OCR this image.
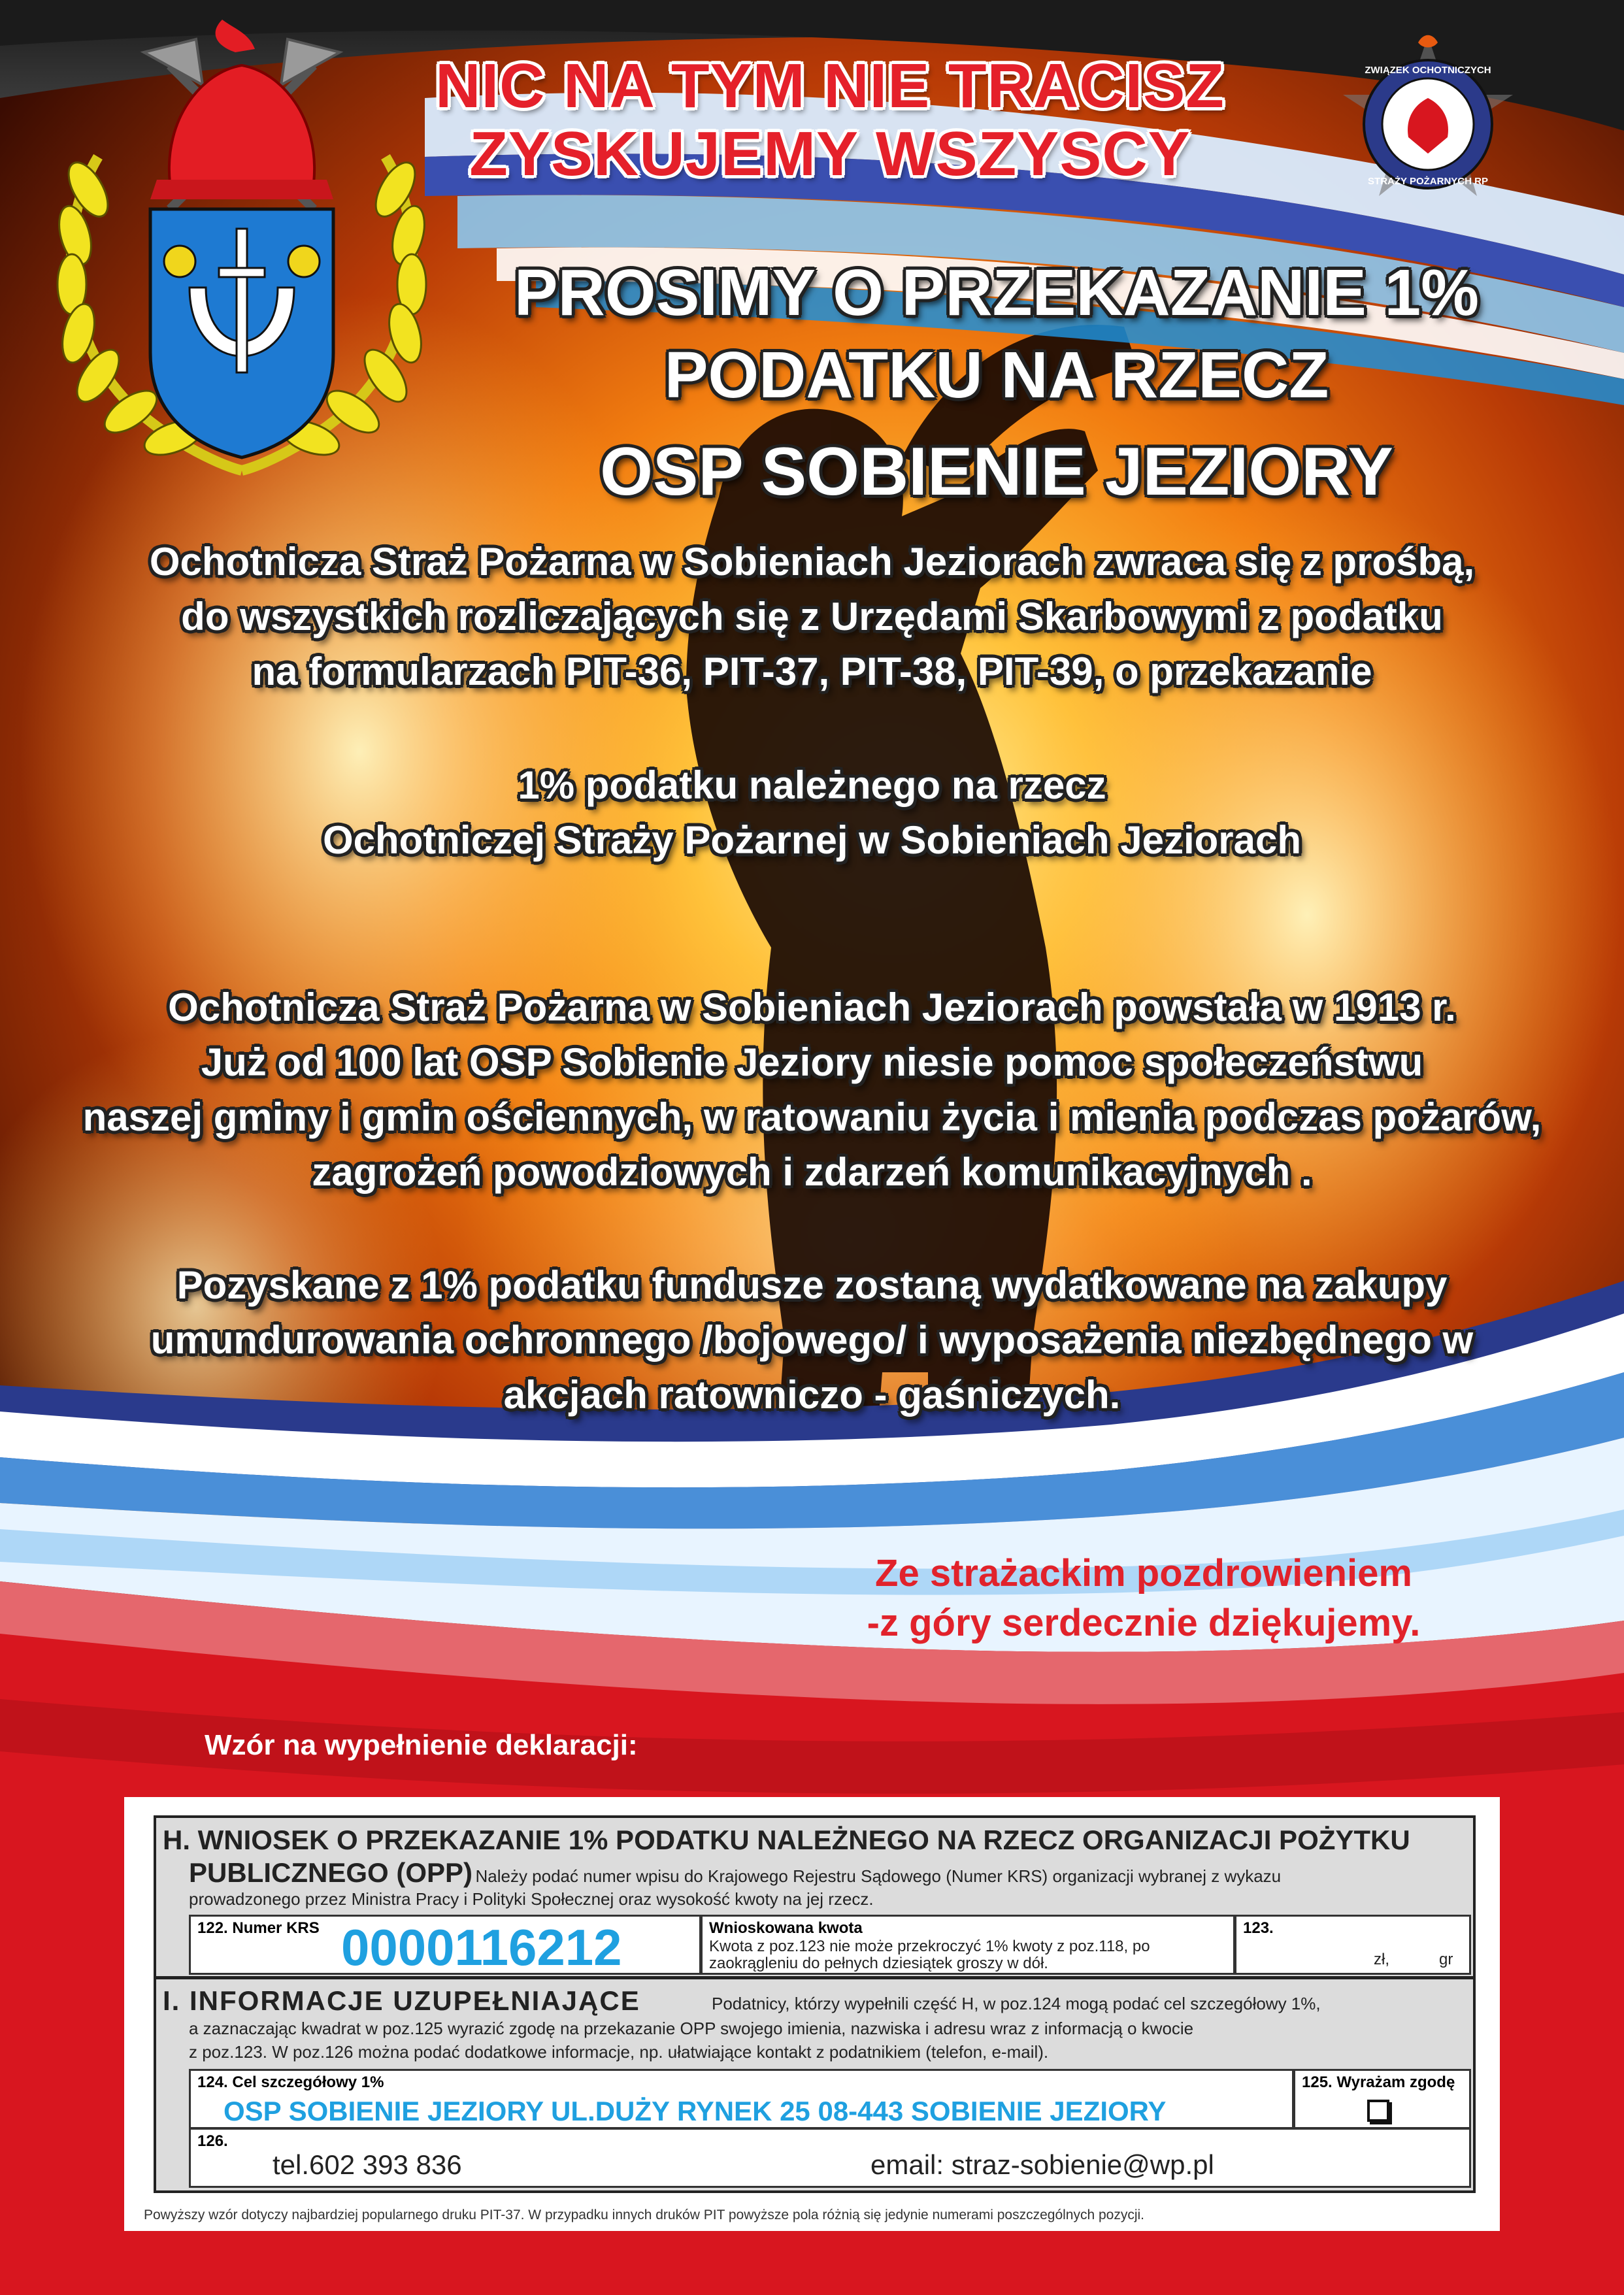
ZWIĄZEK OCHOTNICZYCH
STRAŻY POŻARNYCH RP
NIC NA TYM NIE TRACISZ
ZYSKUJEMY WSZYSCY
PROSIMY O PRZEKAZANIE 1%
PODATKU NA RZECZ
OSP SOBIENIE JEZIORY
Ochotnicza Straż Pożarna w Sobieniach Jeziorach zwraca się z prośbą,
do wszystkich rozliczających się z Urzędami Skarbowymi z podatku
na formularzach PIT-36, PIT-37, PIT-38, PIT-39, o przekazanie
1% podatku należnego na rzecz
Ochotniczej Straży Pożarnej w Sobieniach Jeziorach
Ochotnicza Straż Pożarna w Sobieniach Jeziorach powstała w 1913 r.
Już od 100 lat OSP Sobienie Jeziory niesie pomoc społeczeństwu
naszej gminy i gmin ościennych, w ratowaniu życia i mienia podczas pożarów,
zagrożeń powodziowych i zdarzeń komunikacyjnych .
Pozyskane z 1% podatku fundusze zostaną wydatkowane na zakupy
umundurowania ochronnego /bojowego/ i wyposażenia niezbędnego w
akcjach ratowniczo - gaśniczych.
Ze strażackim pozdrowieniem
-z góry serdecznie dziękujemy.
Wzór na wypełnienie deklaracji:
H. WNIOSEK O PRZEKAZANIE 1% PODATKU NALEŻNEGO NA RZECZ ORGANIZACJI POŻYTKU
PUBLICZNEGO (OPP) Należy podać numer wpisu do Krajowego Rejestru Sądowego (Numer KRS) organizacji wybranej z wykazu
prowadzonego przez Ministra Pracy i Polityki Społecznej oraz wysokość kwoty na jej rzecz.
122. Numer KRS 0000116212	Wnioskowana kwota
Kwota z poz.123 nie może przekroczyć 1% kwoty z poz.118, po
zaokrągleniu do pełnych dziesiątek groszy w dół.
123.
zł,	gr
I. INFORMACJE UZUPEŁNIAJĄCE	Podatnicy, którzy wypełnili część H, w poz.124 mogą podać cel szczegółowy 1%,
a zaznaczając kwadrat w poz.125 wyrazić zgodę na przekazanie OPP swojego imienia, nazwiska i adresu wraz z informacją o kwocie
z poz.123. W poz.126 można podać dodatkowe informacje, np. ułatwiające kontakt z podatnikiem (telefon, e-mail).
124. Cel szczegółowy 1%
OSP SOBIENIE JEZIORY UL.DUŻY RYNEK 25 08-443 SOBIENIE JEZIORY
125. Wyrażam zgodę
126.
tel.602 393 836	email: straz-sobienie@wp.pl
Powyższy wzór dotyczy najbardziej popularnego druku PIT-37. W przypadku innych druków PIT powyższe pola różnią się jedynie numerami poszczególnych pozycji.
